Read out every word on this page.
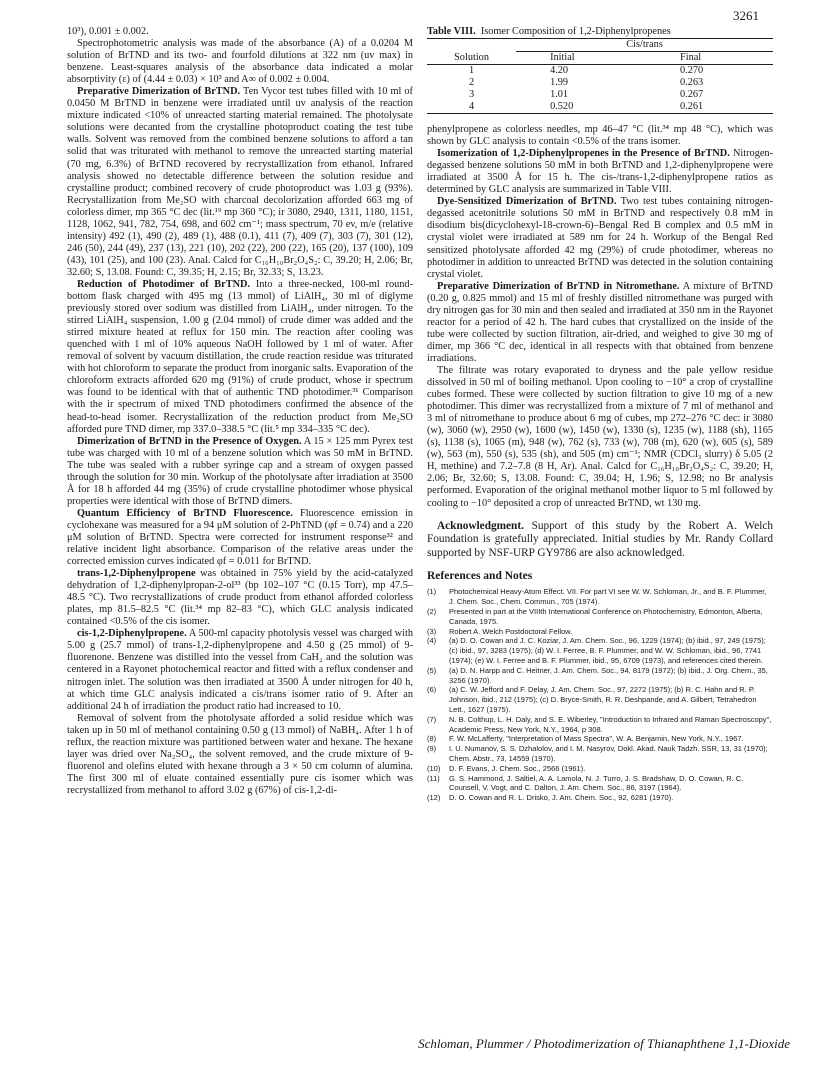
3261

10³), 0.001 ± 0.002.

Spectrophotometric analysis was made of the absorbance (A) of a 0.0204 M solution of BrTND and its two- and fourfold dilutions at 322 nm (uv max) in benzene. Least-squares analysis of the absorbance data indicated a molar absorptivity (ε) of (4.44 ± 0.03) × 10³ and A∞ of 0.002 ± 0.004.

Preparative Dimerization of BrTND. Ten Vycor test tubes filled with 10 ml of 0.0450 M BrTND in benzene were irradiated until uv analysis of the reaction mixture indicated <10% of unreacted starting material remained. The photolysate solutions were decanted from the crystalline photoproduct coating the test tube walls. Solvent was removed from the combined benzene solutions to afford a tan solid that was triturated with methanol to remove the unreacted starting material (70 mg, 6.3%) of BrTND recovered by recrystallization from ethanol. Infrared analysis showed no detectable difference between the solution residue and crystalline product; combined recovery of crude photoproduct was 1.03 g (93%). Recrystallization from Me₂SO with charcoal decolorization afforded 663 mg of colorless dimer, mp 365 °C dec (lit.¹⁹ mp 360 °C); ir 3080, 2940, 1311, 1180, 1151, 1128, 1062, 941, 782, 754, 698, and 602 cm⁻¹; mass spectrum, 70 ev, m/e (relative intensity) 492 (1), 490 (2), 489 (1), 488 (0.1), 411 (7), 409 (7), 303 (7), 301 (12), 246 (50), 244 (49), 237 (13), 221 (10), 202 (22), 200 (22), 165 (20), 137 (100), 109 (43), 101 (25), and 100 (23). Anal. Calcd for C₁₆H₁₀Br₂O₄S₂: C, 39.20; H, 2.06; Br, 32.60; S, 13.08. Found: C, 39.35; H, 2.15; Br, 32.33; S, 13.23.

Reduction of Photodimer of BrTND. Into a three-necked, 100-ml round-bottom flask charged with 495 mg (13 mmol) of LiAlH₄, 30 ml of diglyme previously stored over sodium was distilled from LiAlH₄, under nitrogen. To the stirred LiAlH₄ suspension, 1.00 g (2.04 mmol) of crude dimer was added and the stirred mixture heated at reflux for 150 min. The reaction after cooling was quenched with 1 ml of 10% aqueous NaOH followed by 1 ml of water. After removal of solvent by vacuum distillation, the crude reaction residue was triturated with hot chloroform to separate the product from inorganic salts. Evaporation of the chloroform extracts afforded 620 mg (91%) of crude product, whose ir spectrum was found to be identical with that of authentic TND photodimer.³¹ Comparison with the ir spectrum of mixed TND photodimers confirmed the absence of the head-to-head isomer. Recrystallization of the reduction product from Me₂SO afforded pure TND dimer, mp 337.0–338.5 °C (lit.⁵ mp 334–335 °C dec).

Dimerization of BrTND in the Presence of Oxygen. A 15 × 125 mm Pyrex test tube was charged with 10 ml of a benzene solution which was 50 mM in BrTND. The tube was sealed with a rubber syringe cap and a stream of oxygen passed through the solution for 30 min. Workup of the photolysate after irradiation at 3500 Å for 18 h afforded 44 mg (35%) of crude crystalline photodimer whose physical properties were identical with those of BrTND dimers.

Quantum Efficiency of BrTND Fluorescence. Fluorescence emission in cyclohexane was measured for a 94 μM solution of 2-PhTND (φf = 0.74) and a 220 μM solution of BrTND. Spectra were corrected for instrument response³² and relative incident light absorbance. Comparison of the relative areas under the corrected emission curves indicated φf = 0.011 for BrTND.

trans-1,2-Diphenylpropene was obtained in 75% yield by the acid-catalyzed dehydration of 1,2-diphenylpropan-2-ol³³ (bp 102–107 °C (0.15 Torr), mp 47.5–48.5 °C). Two recrystallizations of crude product from ethanol afforded colorless plates, mp 81.5–82.5 °C (lit.³⁴ mp 82–83 °C), which GLC analysis indicated contained <0.5% of the cis isomer.

cis-1,2-Diphenylpropene. A 500-ml capacity photolysis vessel was charged with 5.00 g (25.7 mmol) of trans-1,2-diphenylpropene and 4.50 g (25 mmol) of 9-fluorenone. Benzene was distilled into the vessel from CaH₂ and the solution was centered in a Rayonet photochemical reactor and fitted with a reflux condenser and nitrogen inlet. The solution was then irradiated at 3500 Å under nitrogen for 40 h, at which time GLC analysis indicated a cis/trans isomer ratio of 9. After an additional 24 h of irradiation the product ratio had increased to 10.

Removal of solvent from the photolysate afforded a solid residue which was taken up in 50 ml of methanol containing 0.50 g (13 mmol) of NaBH₄. After 1 h of reflux, the reaction mixture was partitioned between water and hexane. The hexane layer was dried over Na₂SO₄, the solvent removed, and the crude mixture of 9-fluorenol and olefins eluted with hexane through a 3 × 50 cm column of alumina. The first 300 ml of eluate contained essentially pure cis isomer which was recrystallized from methanol to afford 3.02 g (67%) of cis-1,2-di-

Table VIII. Isomer Composition of 1,2-Diphenylpropenes

	Cis/trans	
Solution	Initial	Final
1	4.20	0.270
2	1.99	0.263
3	1.01	0.267
4	0.520	0.261

phenylpropene as colorless needles, mp 46–47 °C (lit.³⁴ mp 48 °C), which was shown by GLC analysis to contain <0.5% of the trans isomer.

Isomerization of 1,2-Diphenylpropenes in the Presence of BrTND. Nitrogen-degassed benzene solutions 50 mM in both BrTND and 1,2-diphenylpropene were irradiated at 3500 Å for 15 h. The cis-/trans-1,2-diphenylpropene ratios as determined by GLC analysis are summarized in Table VIII.

Dye-Sensitized Dimerization of BrTND. Two test tubes containing nitrogen-degassed acetonitrile solutions 50 mM in BrTND and respectively 0.8 mM in disodium bis(dicyclohexyl-18-crown-6)–Bengal Red B complex and 0.5 mM in crystal violet were irradiated at 589 nm for 24 h. Workup of the Bengal Red sensitized photolysate afforded 42 mg (29%) of crude photodimer, whereas no photodimer in addition to unreacted BrTND was detected in the solution containing crystal violet.

Preparative Dimerization of BrTND in Nitromethane. A mixture of BrTND (0.20 g, 0.825 mmol) and 15 ml of freshly distilled nitromethane was purged with dry nitrogen gas for 30 min and then sealed and irradiated at 350 nm in the Rayonet reactor for a period of 42 h. The hard cubes that crystallized on the inside of the tube were collected by suction filtration, air-dried, and weighed to give 30 mg of dimer, mp 366 °C dec, identical in all respects with that obtained from benzene irradiations.

The filtrate was rotary evaporated to dryness and the pale yellow residue dissolved in 50 ml of boiling methanol. Upon cooling to −10° a crop of crystalline cubes formed. These were collected by suction filtration to give 10 mg of a new photodimer. This dimer was recrystallized from a mixture of 7 ml of methanol and 3 ml of nitromethane to produce about 6 mg of cubes, mp 272–276 °C dec: ir 3080 (w), 3060 (w), 2950 (w), 1600 (w), 1450 (w), 1330 (s), 1235 (w), 1188 (sh), 1165 (s), 1138 (s), 1065 (m), 948 (w), 762 (s), 733 (w), 708 (m), 620 (w), 605 (s), 589 (w), 563 (m), 550 (s), 535 (sh), and 505 (m) cm⁻¹; NMR (CDCl₃ slurry) δ 5.05 (2 H, methine) and 7.2–7.8 (8 H, Ar). Anal. Calcd for C₁₆H₁₀Br₂O₄S₂: C, 39.20; H, 2.06; Br, 32.60; S, 13.08. Found: C, 39.04; H, 1.96; S, 12.98; no Br analysis performed. Evaporation of the original methanol mother liquor to 5 ml followed by cooling to −10° deposited a crop of unreacted BrTND, wt 130 mg.

Acknowledgment. Support of this study by the Robert A. Welch Foundation is gratefully appreciated. Initial studies by Mr. Randy Collard supported by NSF-URP GY9786 are also acknowledged.

References and Notes

(1)	Photochemical Heavy-Atom Effect. VII. For part VI see W. W. Schloman, Jr., and B. F. Plummer, J. Chem. Soc., Chem. Commun., 705 (1974).
(2)	Presented in part at the VIIIth International Conference on Photochemistry, Edmonton, Alberta, Canada, 1975.
(3)	Robert A. Welch Postdoctoral Fellow.
(4)	(a) D. O. Cowan and J. C. Koziar, J. Am. Chem. Soc., 96, 1229 (1974); (b) ibid., 97, 249 (1975); (c) ibid., 97, 3283 (1975); (d) W. I. Ferree, B. F. Plummer, and W. W. Schloman, ibid., 96, 7741 (1974); (e) W. I. Ferree and B. F. Plummer, ibid., 95, 6709 (1973), and references cited therein.
(5)	(a) D. N. Harpp and C. Heitner, J. Am. Chem. Soc., 94, 8179 (1972); (b) ibid., J. Org. Chem., 35, 3256 (1970).
(6)	(a) C. W. Jefford and F. Delay, J. Am. Chem. Soc., 97, 2272 (1975); (b) R. C. Hahn and R. P. Johnson, ibid., 212 (1975); (c) D. Bryce-Smith, R. R. Deshpande, and A. Gilbert, Tetrahedron Lett., 1627 (1975).
(7)	N. B. Colthup, L. H. Daly, and S. E. Wiberley, "Introduction to Infrared and Raman Spectroscopy", Academic Press, New York, N.Y., 1964, p 308.
(8)	F. W. McLafferty, "Interpretation of Mass Spectra", W. A. Benjamin, New York, N.Y., 1967.
(9)	I. U. Numanov, S. S. Dzhalolov, and I. M. Nasyrov, Dokl. Akad. Nauk Tadzh. SSR, 13, 31 (1970); Chem. Abstr., 73, 14559 (1970).
(10)	D. F. Evans, J. Chem. Soc., 2566 (1961).
(11)	G. S. Hammond, J. Saltiel, A. A. Lamola, N. J. Turro, J. S. Bradshaw, D. O. Cowan, R. C. Counsell, V. Vogt, and C. Dalton, J. Am. Chem. Soc., 86, 3197 (1964).
(12)	D. O. Cowan and R. L. Drisko, J. Am. Chem. Soc., 92, 6281 (1970).
Schloman, Plummer / Photodimerization of Thianaphthene 1,1-Dioxide
